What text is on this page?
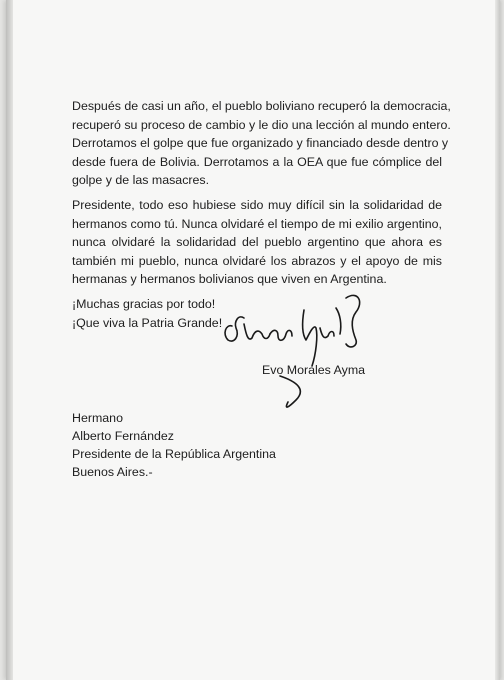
Después de casi un año, el pueblo boliviano recuperó la democracia,
recuperó su proceso de cambio y le dio una lección al mundo entero.
Derrotamos el golpe que fue organizado y financiado desde dentro y
desde fuera de Bolivia. Derrotamos a la OEA que fue cómplice del
golpe y de las masacres.
Presidente, todo eso hubiese sido muy difícil sin la solidaridad de
hermanos como tú. Nunca olvidaré el tiempo de mi exilio argentino,
nunca olvidaré la solidaridad del pueblo argentino que ahora es
también mi pueblo, nunca olvidaré los abrazos y el apoyo de mis
hermanas y hermanos bolivianos que viven en Argentina.
¡Muchas gracias por todo!
¡Que viva la Patria Grande!
Evo Morales Ayma
Hermano
Alberto Fernández
Presidente de la República Argentina
Buenos Aires.-
